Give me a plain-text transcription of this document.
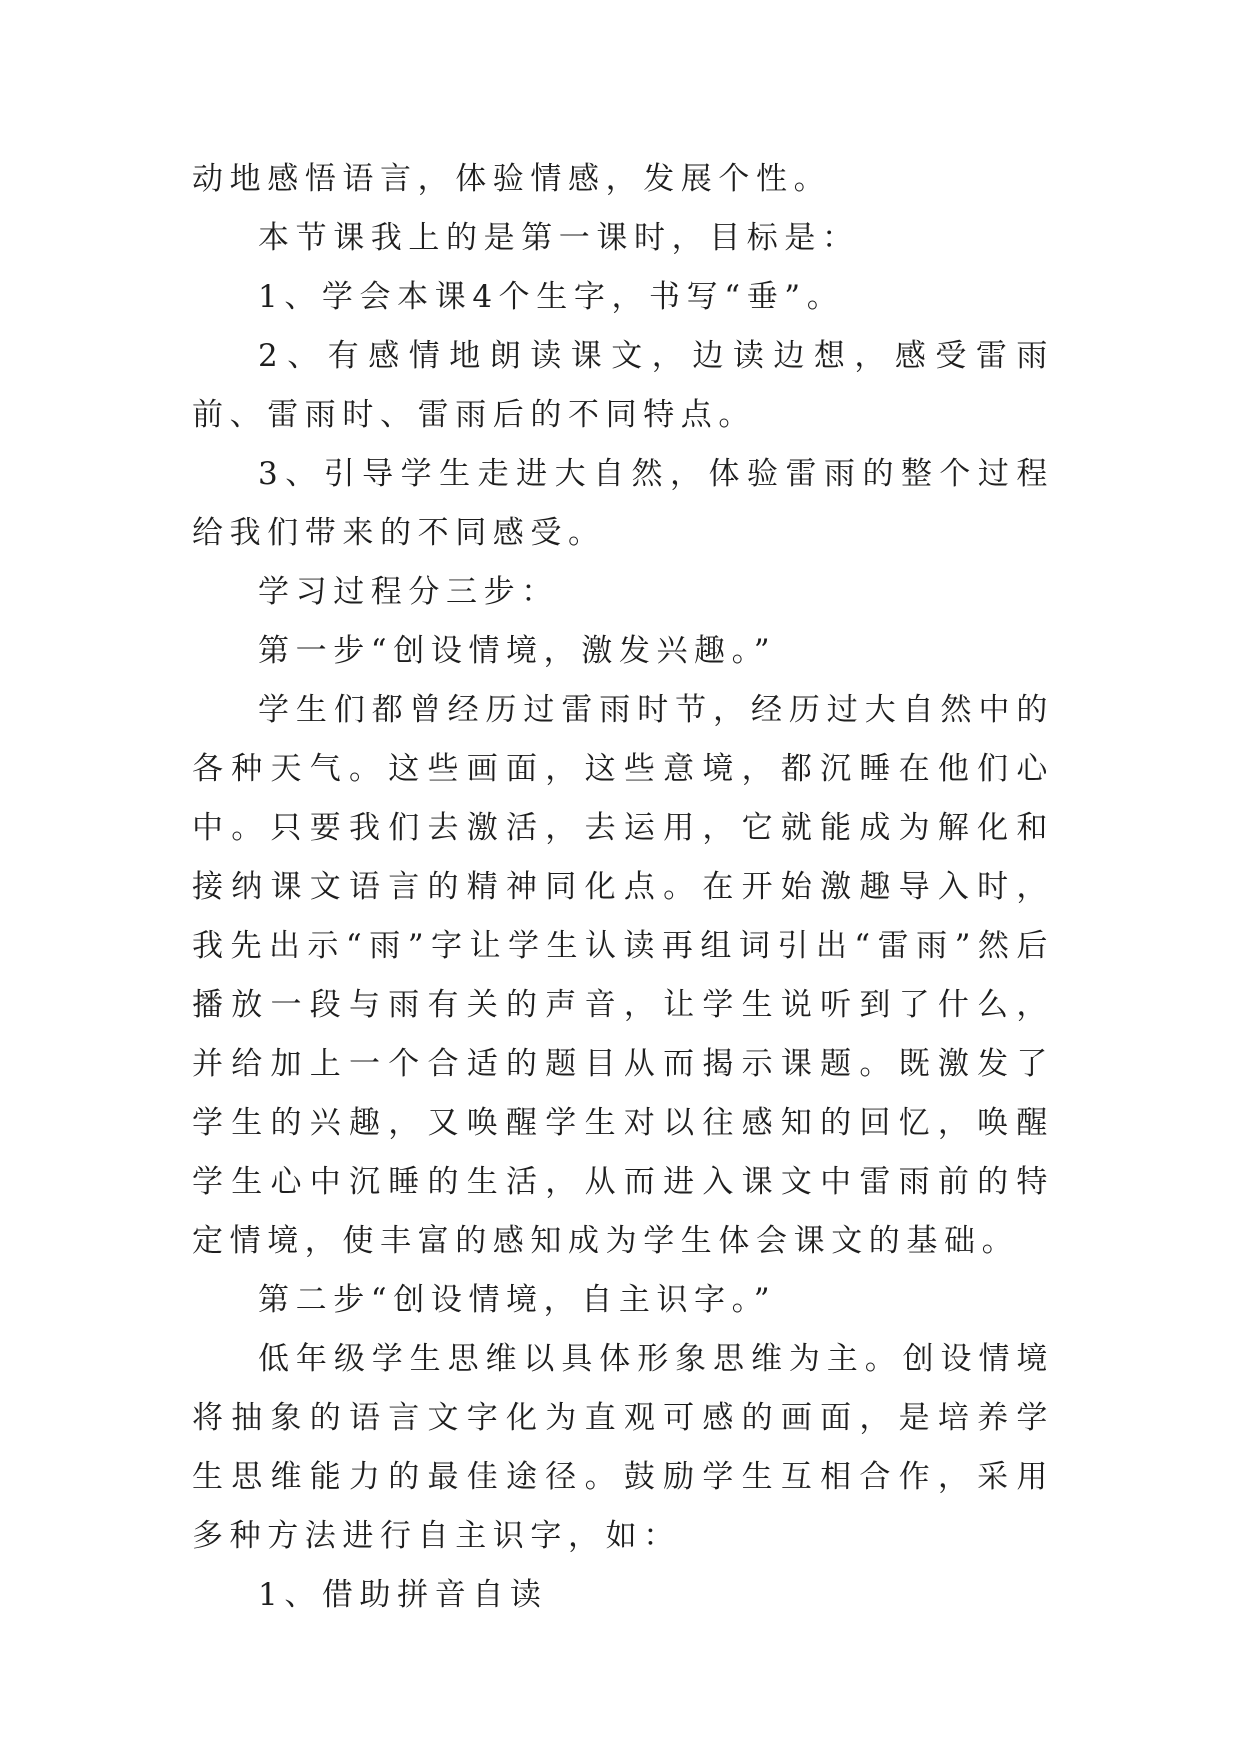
动地感悟语言，体验情感，发展个性。

本节课我上的是第一课时，目标是：

1、学会本课4个生字，书写“垂”。

2、有感情地朗读课文，边读边想，感受雷雨前、雷雨时、雷雨后的不同特点。

3、引导学生走进大自然，体验雷雨的整个过程给我们带来的不同感受。

学习过程分三步：

第一步“创设情境，激发兴趣。”

学生们都曾经历过雷雨时节，经历过大自然中的各种天气。这些画面，这些意境，都沉睡在他们心中。只要我们去激活，去运用，它就能成为解化和接纳课文语言的精神同化点。在开始激趣导入时，我先出示“雨”字让学生认读再组词引出“雷雨”然后播放一段与雨有关的声音，让学生说听到了什么，并给加上一个合适的题目从而揭示课题。既激发了学生的兴趣，又唤醒学生对以往感知的回忆，唤醒学生心中沉睡的生活，从而进入课文中雷雨前的特定情境，使丰富的感知成为学生体会课文的基础。

第二步“创设情境，自主识字。”

低年级学生思维以具体形象思维为主。创设情境将抽象的语言文字化为直观可感的画面，是培养学生思维能力的最佳途径。鼓励学生互相合作，采用多种方法进行自主识字，如：

1、借助拼音自读
